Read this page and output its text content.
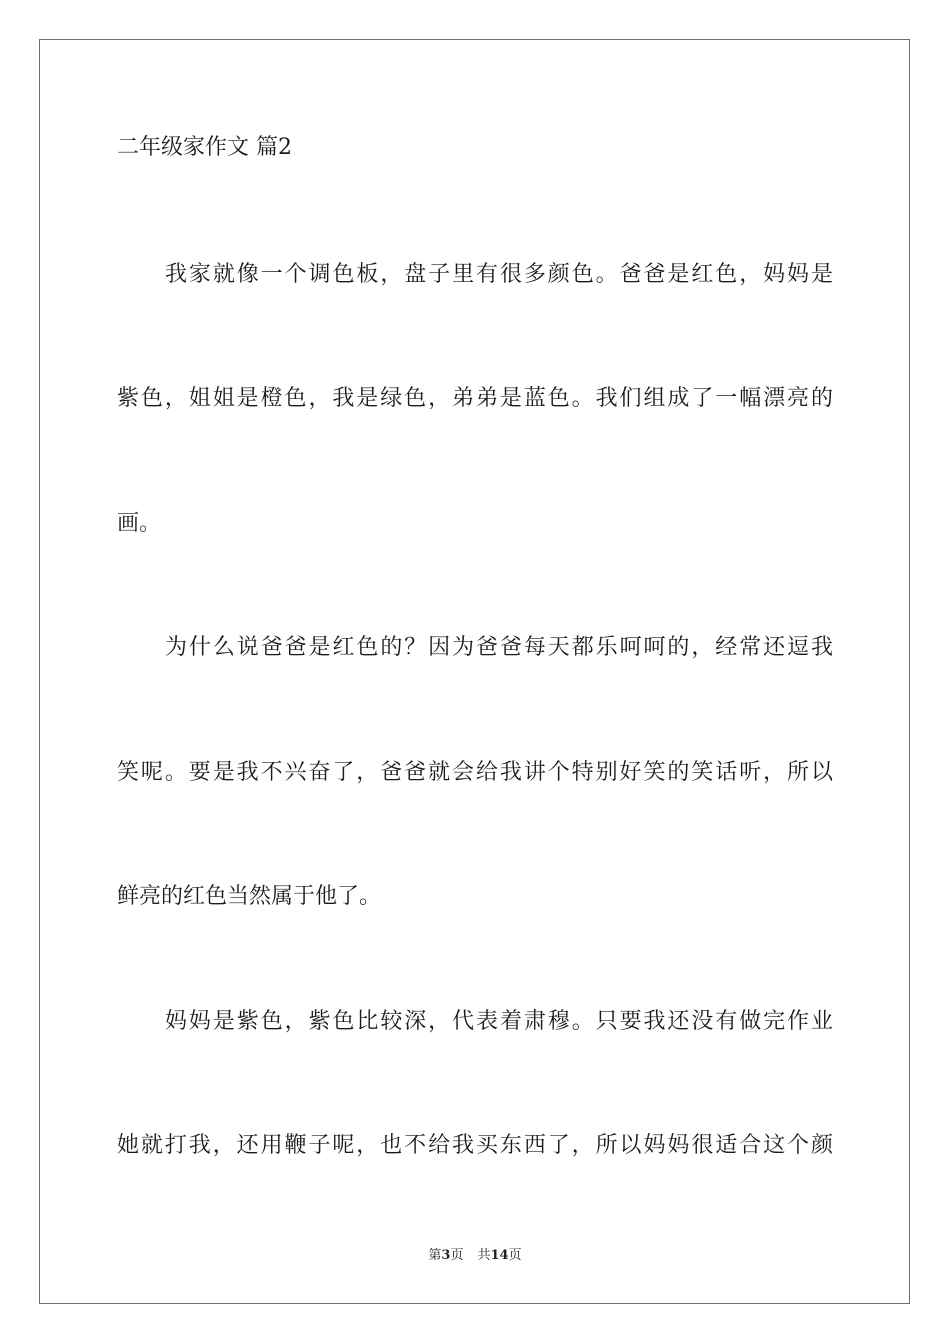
二年级家作文 篇2
我家就像一个调色板，盘子里有很多颜色。爸爸是红色，妈妈是
紫色，姐姐是橙色，我是绿色，弟弟是蓝色。我们组成了一幅漂亮的
画。
为什么说爸爸是红色的？因为爸爸每天都乐呵呵的，经常还逗我
笑呢。要是我不兴奋了，爸爸就会给我讲个特别好笑的笑话听，所以
鲜亮的红色当然属于他了。
妈妈是紫色，紫色比较深，代表着肃穆。只要我还没有做完作业
她就打我，还用鞭子呢，也不给我买东西了，所以妈妈很适合这个颜
第3页 共14页
